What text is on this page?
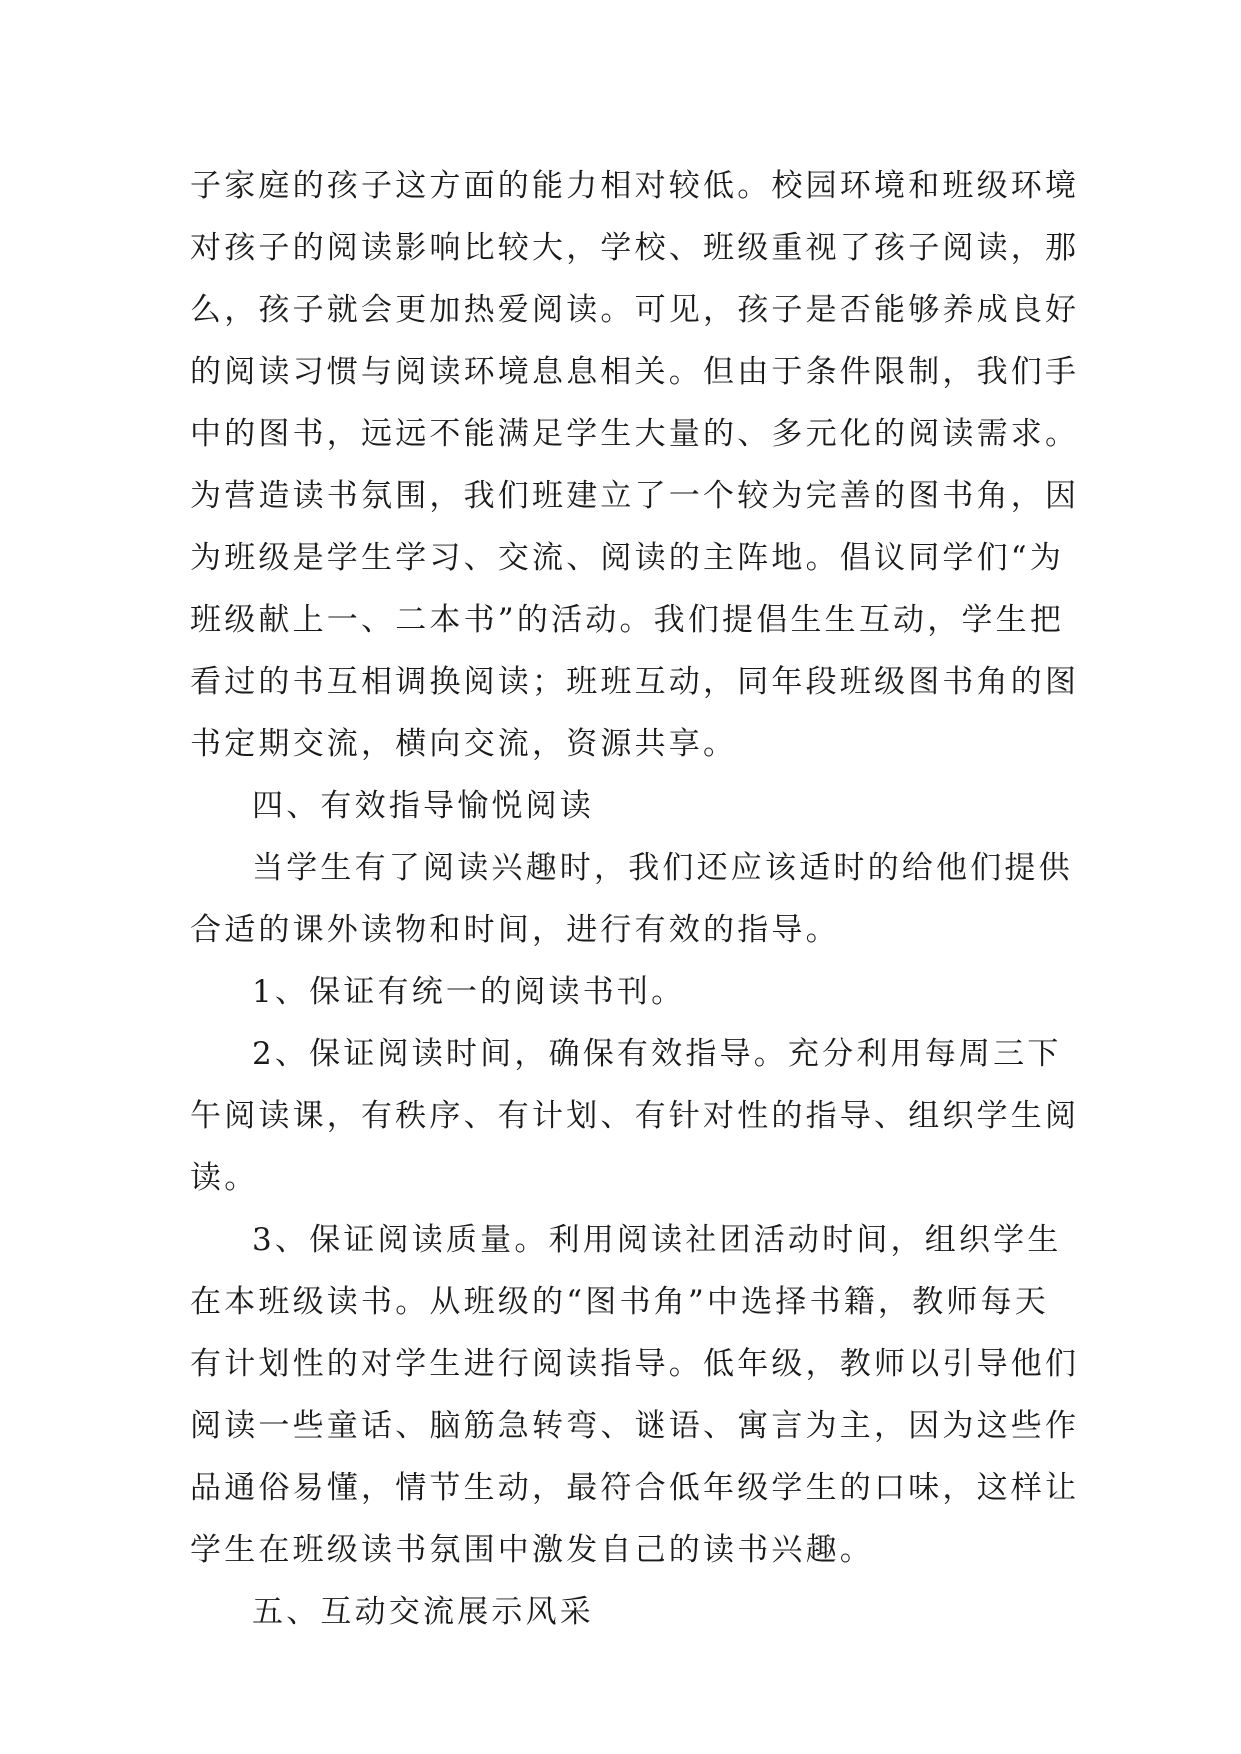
子家庭的孩子这方面的能力相对较低。校园环境和班级环境
对孩子的阅读影响比较大，学校、班级重视了孩子阅读，那
么，孩子就会更加热爱阅读。可见，孩子是否能够养成良好
的阅读习惯与阅读环境息息相关。但由于条件限制，我们手
中的图书，远远不能满足学生大量的、多元化的阅读需求。
为营造读书氛围，我们班建立了一个较为完善的图书角，因
为班级是学生学习、交流、阅读的主阵地。倡议同学们“为
班级献上一、二本书”的活动。我们提倡生生互动，学生把
看过的书互相调换阅读；班班互动，同年段班级图书角的图
书定期交流，横向交流，资源共享。
四、有效指导愉悦阅读
当学生有了阅读兴趣时，我们还应该适时的给他们提供
合适的课外读物和时间，进行有效的指导。
1、保证有统一的阅读书刊。
2、保证阅读时间，确保有效指导。充分利用每周三下
午阅读课，有秩序、有计划、有针对性的指导、组织学生阅
读。
3、保证阅读质量。利用阅读社团活动时间，组织学生
在本班级读书。从班级的“图书角”中选择书籍，教师每天
有计划性的对学生进行阅读指导。低年级，教师以引导他们
阅读一些童话、脑筋急转弯、谜语、寓言为主，因为这些作
品通俗易懂，情节生动，最符合低年级学生的口味，这样让
学生在班级读书氛围中激发自己的读书兴趣。
五、互动交流展示风采
